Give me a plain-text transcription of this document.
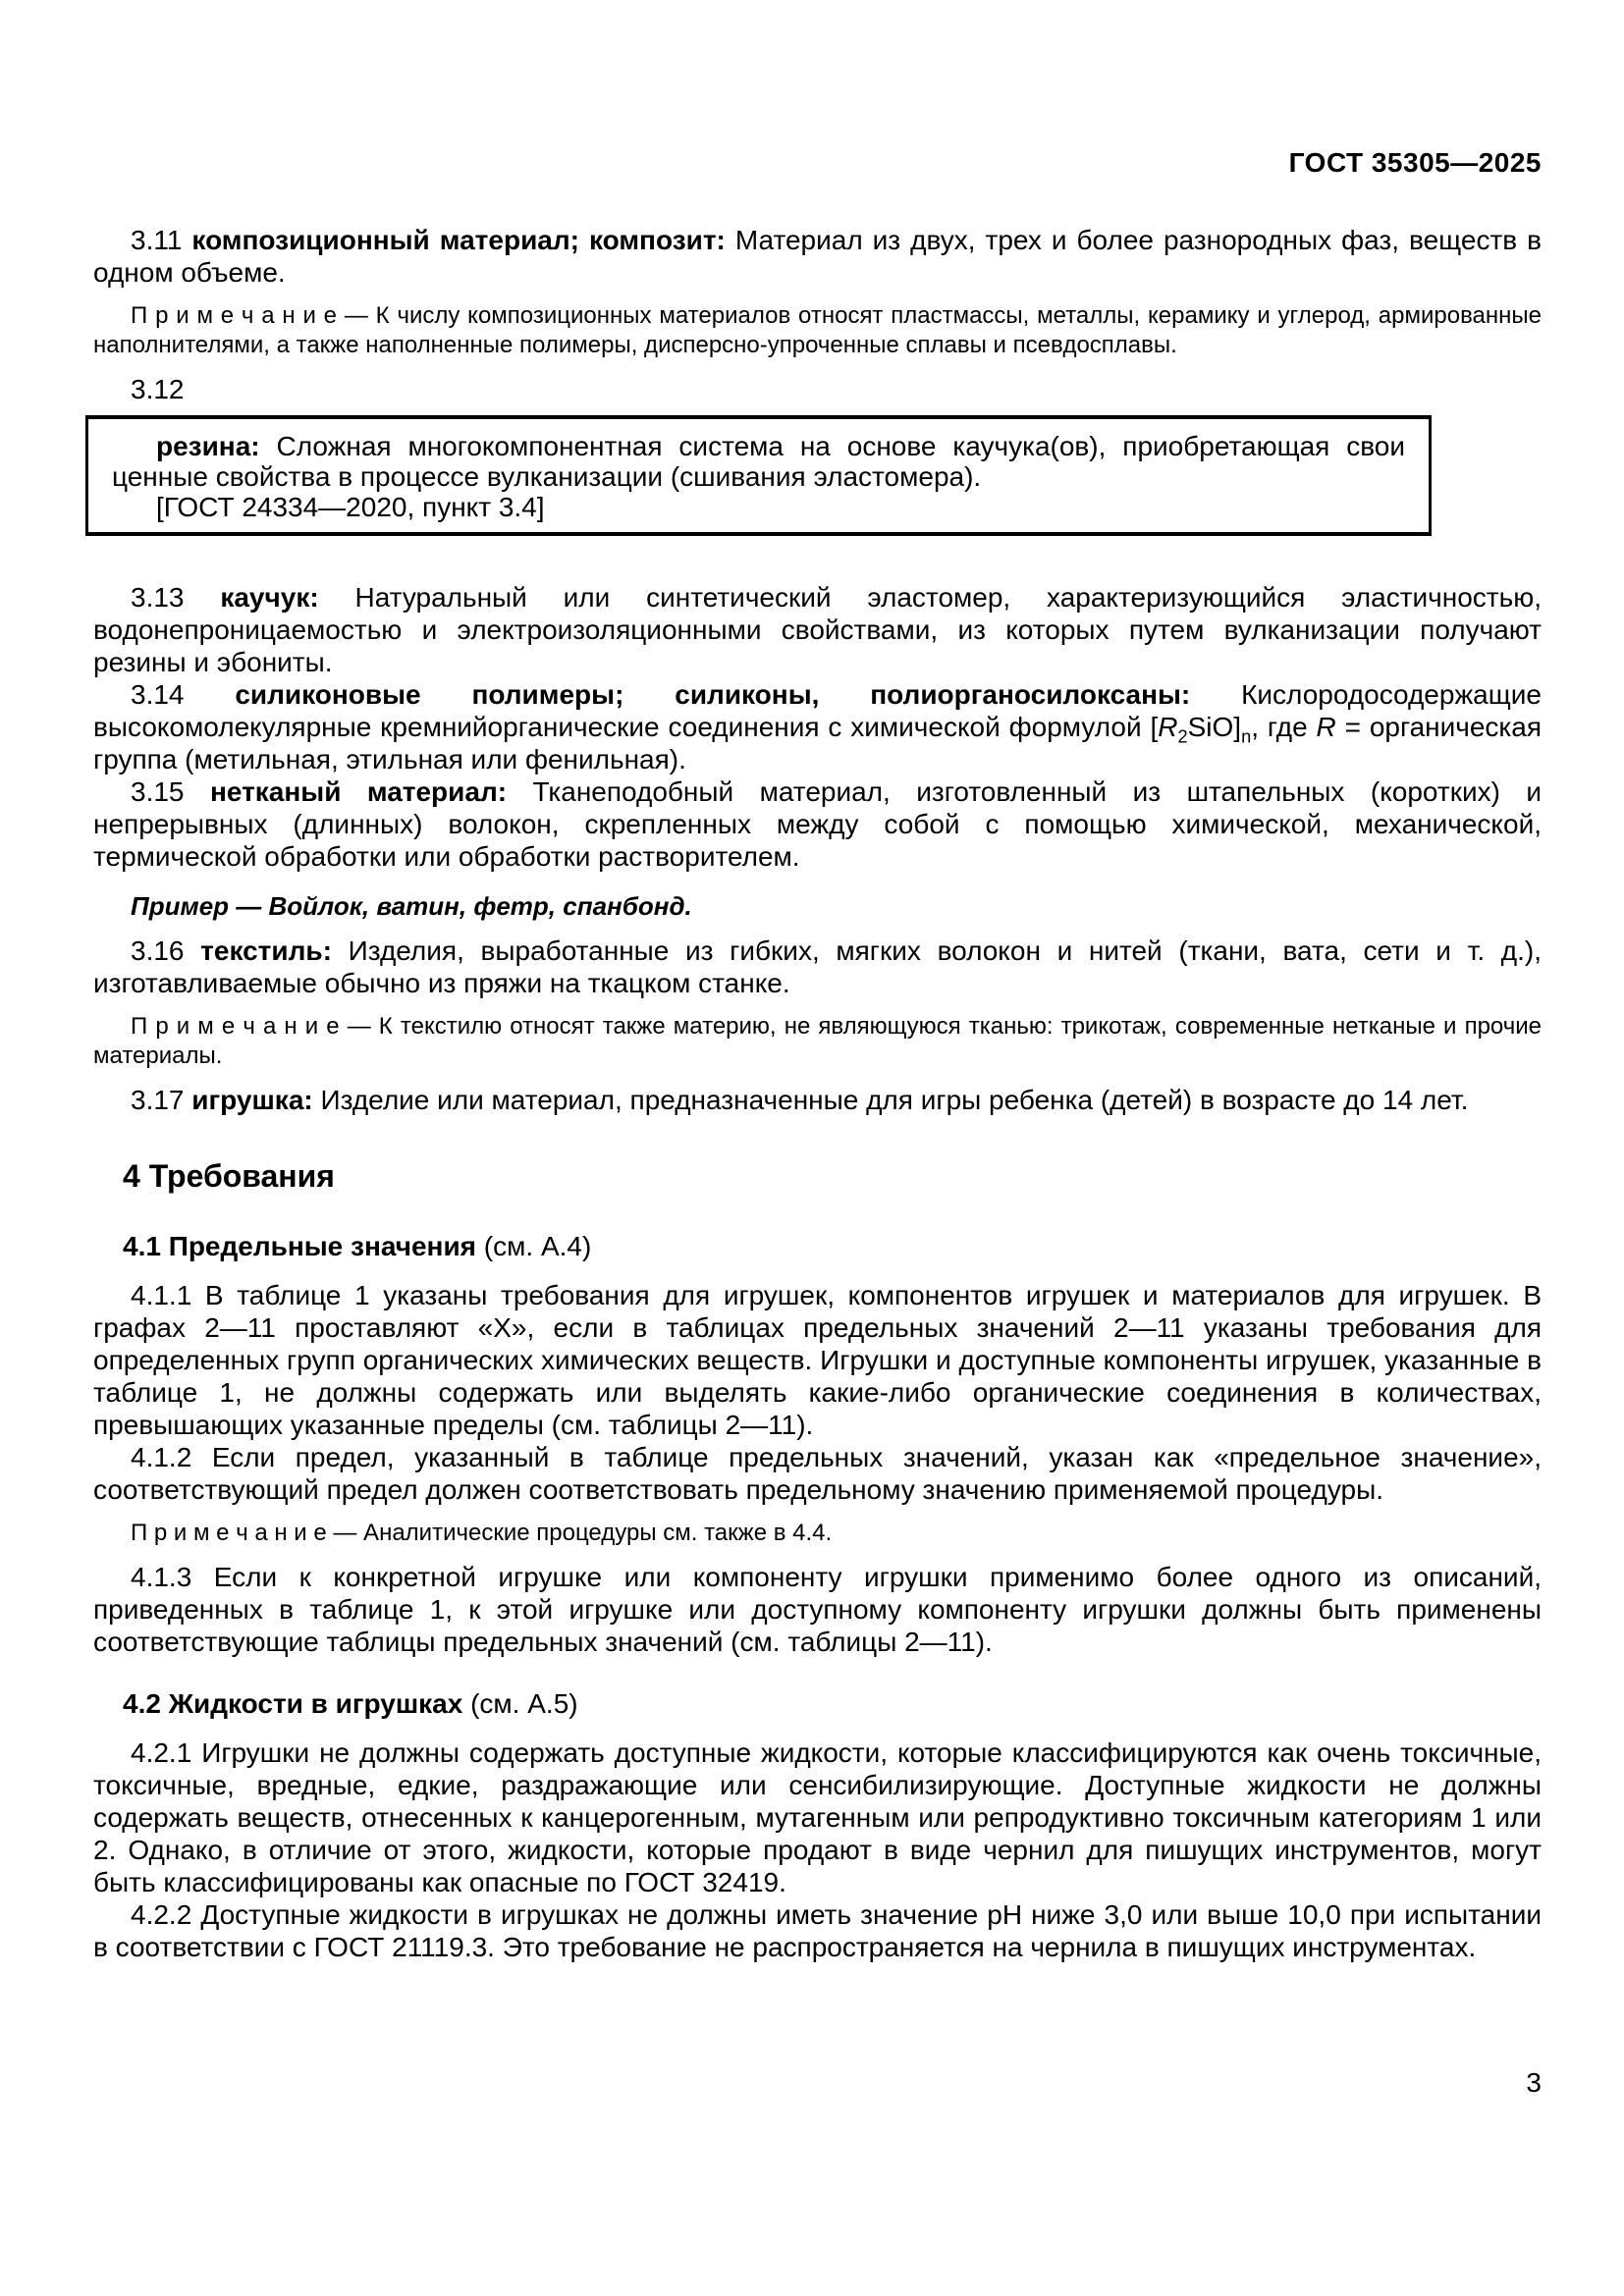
ГОСТ 35305—2025

3.11 композиционный материал; композит: Материал из двух, трех и более разнородных фаз, веществ в одном объеме.

П р и м е ч а н и е — К числу композиционных материалов относят пластмассы, металлы, керамику и углерод, армированные наполнителями, а также наполненные полимеры, дисперсно-упроченные сплавы и псевдосплавы.

3.12

резина: Сложная многокомпонентная система на основе каучука(ов), приобретающая свои ценные свойства в процессе вулканизации (сшивания эластомера).

[ГОСТ 24334—2020, пункт 3.4]

3.13 каучук: Натуральный или синтетический эластомер, характеризующийся эластичностью, водонепроницаемостью и электроизоляционными свойствами, из которых путем вулканизации получают резины и эбониты.

3.14 силиконовые полимеры; силиконы, полиорганосилоксаны: Кислородосодержащие высокомолекулярные кремнийорганические соединения с химической формулой $[R_2SiO]_n$, где R = органическая группа (метильная, этильная или фенильная).

3.15 нетканый материал: Тканеподобный материал, изготовленный из штапельных (коротких) и непрерывных (длинных) волокон, скрепленных между собой с помощью химической, механической, термической обработки или обработки растворителем.

Пример — Войлок, ватин, фетр, спанбонд.

3.16 текстиль: Изделия, выработанные из гибких, мягких волокон и нитей (ткани, вата, сети и т. д.), изготавливаемые обычно из пряжи на ткацком станке.

П р и м е ч а н и е — К текстилю относят также материю, не являющуюся тканью: трикотаж, современные нетканые и прочие материалы.

3.17 игрушка: Изделие или материал, предназначенные для игры ребенка (детей) в возрасте до 14 лет.

4 Требования

4.1 Предельные значения (см. А.4)

4.1.1 В таблице 1 указаны требования для игрушек, компонентов игрушек и материалов для игрушек. В графах 2—11 проставляют «Х», если в таблицах предельных значений 2—11 указаны требования для определенных групп органических химических веществ. Игрушки и доступные компоненты игрушек, указанные в таблице 1, не должны содержать или выделять какие-либо органические соединения в количествах, превышающих указанные пределы (см. таблицы 2—11).

4.1.2 Если предел, указанный в таблице предельных значений, указан как «предельное значение», соответствующий предел должен соответствовать предельному значению применяемой процедуры.

П р и м е ч а н и е — Аналитические процедуры см. также в 4.4.

4.1.3 Если к конкретной игрушке или компоненту игрушки применимо более одного из описаний, приведенных в таблице 1, к этой игрушке или доступному компоненту игрушки должны быть применены соответствующие таблицы предельных значений (см. таблицы 2—11).

4.2 Жидкости в игрушках (см. А.5)

4.2.1 Игрушки не должны содержать доступные жидкости, которые классифицируются как очень токсичные, токсичные, вредные, едкие, раздражающие или сенсибилизирующие. Доступные жидкости не должны содержать веществ, отнесенных к канцерогенным, мутагенным или репродуктивно токсичным категориям 1 или 2. Однако, в отличие от этого, жидкости, которые продают в виде чернил для пишущих инструментов, могут быть классифицированы как опасные по ГОСТ 32419.

4.2.2 Доступные жидкости в игрушках не должны иметь значение pH ниже 3,0 или выше 10,0 при испытании в соответствии с ГОСТ 21119.3. Это требование не распространяется на чернила в пишущих инструментах.

3
